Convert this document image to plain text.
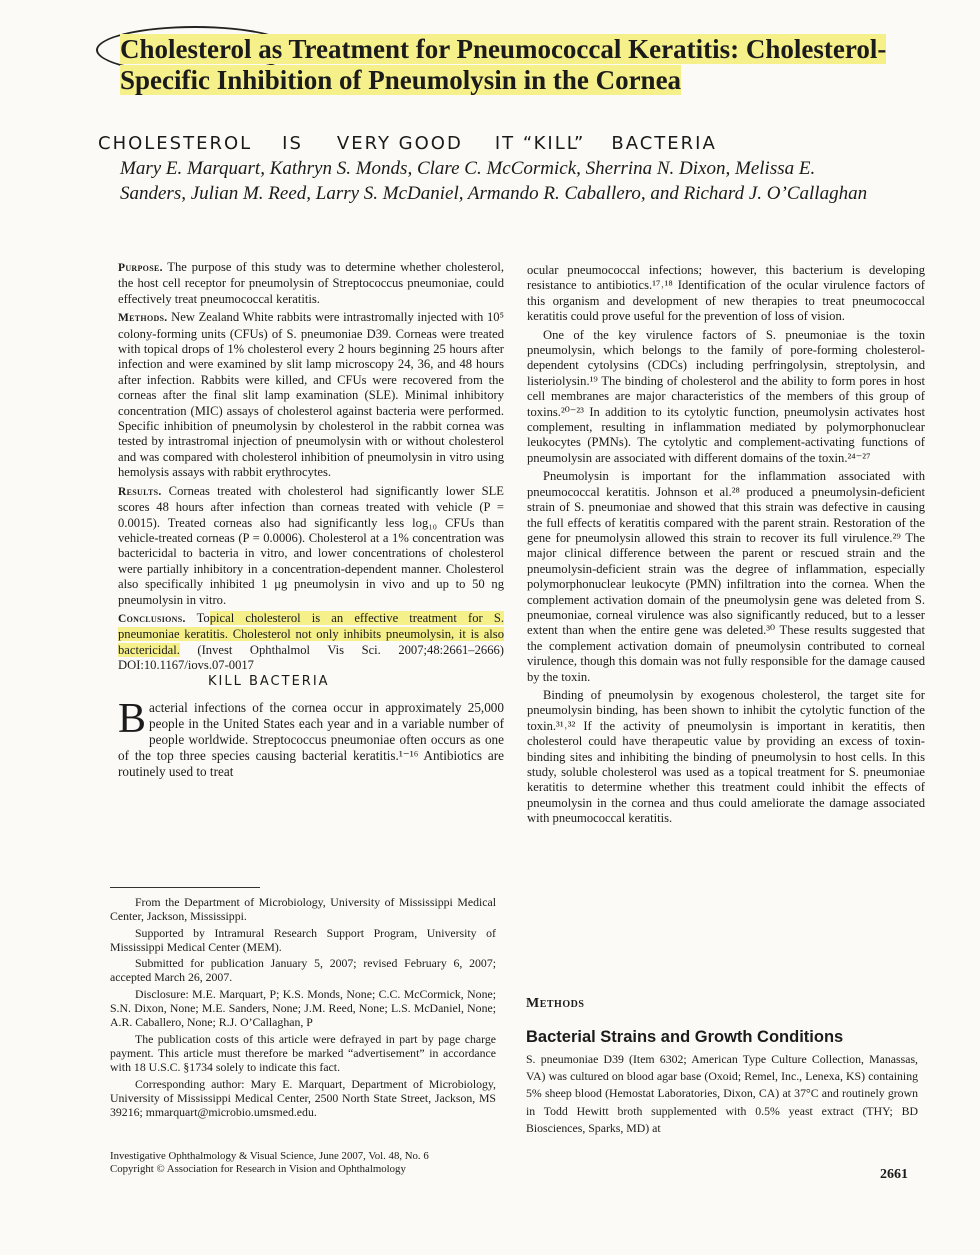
Cholesterol as Treatment for Pneumococcal Keratitis: Cholesterol-Specific Inhibition of Pneumolysin in the Cornea
CHOLESTEROL IS VERY GOOD IT “KILL” BACTERIA

Mary E. Marquart, Kathryn S. Monds, Clare C. McCormick, Sherrina N. Dixon, Melissa E. Sanders, Julian M. Reed, Larry S. McDaniel, Armando R. Caballero, and Richard J. O’Callaghan

Purpose. The purpose of this study was to determine whether cholesterol, the host cell receptor for pneumolysin of Streptococcus pneumoniae, could effectively treat pneumococcal keratitis.

Methods. New Zealand White rabbits were intrastromally injected with 10⁵ colony-forming units (CFUs) of S. pneumoniae D39. Corneas were treated with topical drops of 1% cholesterol every 2 hours beginning 25 hours after infection and were examined by slit lamp microscopy 24, 36, and 48 hours after infection. Rabbits were killed, and CFUs were recovered from the corneas after the final slit lamp examination (SLE). Minimal inhibitory concentration (MIC) assays of cholesterol against bacteria were performed. Specific inhibition of pneumolysin by cholesterol in the rabbit cornea was tested by intrastromal injection of pneumolysin with or without cholesterol and was compared with cholesterol inhibition of pneumolysin in vitro using hemolysis assays with rabbit erythrocytes.

Results. Corneas treated with cholesterol had significantly lower SLE scores 48 hours after infection than corneas treated with vehicle (P = 0.0015). Treated corneas also had significantly less log₁₀ CFUs than vehicle-treated corneas (P = 0.0006). Cholesterol at a 1% concentration was bactericidal to bacteria in vitro, and lower concentrations of cholesterol were partially inhibitory in a concentration-dependent manner. Cholesterol also specifically inhibited 1 μg pneumolysin in vivo and up to 50 ng pneumolysin in vitro.

Conclusions. Topical cholesterol is an effective treatment for S. pneumoniae keratitis. Cholesterol not only inhibits pneumolysin, it is also bactericidal. (Invest Ophthalmol Vis Sci. 2007;48:2661–2666) DOI:10.1167/iovs.07-0017

KILL BACTERIA

Bacterial infections of the cornea occur in approximately 25,000 people in the United States each year and in a variable number of people worldwide. Streptococcus pneumoniae often occurs as one of the top three species causing bacterial keratitis.¹⁻¹⁶ Antibiotics are routinely used to treat

ocular pneumococcal infections; however, this bacterium is developing resistance to antibiotics.¹⁷˒¹⁸ Identification of the ocular virulence factors of this organism and development of new therapies to treat pneumococcal keratitis could prove useful for the prevention of loss of vision.

One of the key virulence factors of S. pneumoniae is the toxin pneumolysin, which belongs to the family of pore-forming cholesterol-dependent cytolysins (CDCs) including perfringolysin, streptolysin, and listeriolysin.¹⁹ The binding of cholesterol and the ability to form pores in host cell membranes are major characteristics of the members of this group of toxins.²⁰⁻²³ In addition to its cytolytic function, pneumolysin activates host complement, resulting in inflammation mediated by polymorphonuclear leukocytes (PMNs). The cytolytic and complement-activating functions of pneumolysin are associated with different domains of the toxin.²⁴⁻²⁷

Pneumolysin is important for the inflammation associated with pneumococcal keratitis. Johnson et al.²⁸ produced a pneumolysin-deficient strain of S. pneumoniae and showed that this strain was defective in causing the full effects of keratitis compared with the parent strain. Restoration of the gene for pneumolysin allowed this strain to recover its full virulence.²⁹ The major clinical difference between the parent or rescued strain and the pneumolysin-deficient strain was the degree of inflammation, especially polymorphonuclear leukocyte (PMN) infiltration into the cornea. When the complement activation domain of the pneumolysin gene was deleted from S. pneumoniae, corneal virulence was also significantly reduced, but to a lesser extent than when the entire gene was deleted.³⁰ These results suggested that the complement activation domain of pneumolysin contributed to corneal virulence, though this domain was not fully responsible for the damage caused by the toxin.

Binding of pneumolysin by exogenous cholesterol, the target site for pneumolysin binding, has been shown to inhibit the cytolytic function of the toxin.³¹˒³² If the activity of pneumolysin is important in keratitis, then cholesterol could have therapeutic value by providing an excess of toxin-binding sites and inhibiting the binding of pneumolysin to host cells. In this study, soluble cholesterol was used as a topical treatment for S. pneumoniae keratitis to determine whether this treatment could inhibit the effects of pneumolysin in the cornea and thus could ameliorate the damage associated with pneumococcal keratitis.

Methods
Bacterial Strains and Growth Conditions
S. pneumoniae D39 (Item 6302; American Type Culture Collection, Manassas, VA) was cultured on blood agar base (Oxoid; Remel, Inc., Lenexa, KS) containing 5% sheep blood (Hemostat Laboratories, Dixon, CA) at 37°C and routinely grown in Todd Hewitt broth supplemented with 0.5% yeast extract (THY; BD Biosciences, Sparks, MD) at

From the Department of Microbiology, University of Mississippi Medical Center, Jackson, Mississippi.

Supported by Intramural Research Support Program, University of Mississippi Medical Center (MEM).

Submitted for publication January 5, 2007; revised February 6, 2007; accepted March 26, 2007.

Disclosure: M.E. Marquart, P; K.S. Monds, None; C.C. McCormick, None; S.N. Dixon, None; M.E. Sanders, None; J.M. Reed, None; L.S. McDaniel, None; A.R. Caballero, None; R.J. O’Callaghan, P

The publication costs of this article were defrayed in part by page charge payment. This article must therefore be marked “advertisement” in accordance with 18 U.S.C. §1734 solely to indicate this fact.

Corresponding author: Mary E. Marquart, Department of Microbiology, University of Mississippi Medical Center, 2500 North State Street, Jackson, MS 39216; mmarquart@microbio.umsmed.edu.

Investigative Ophthalmology & Visual Science, June 2007, Vol. 48, No. 6
Copyright © Association for Research in Vision and Ophthalmology	2661
